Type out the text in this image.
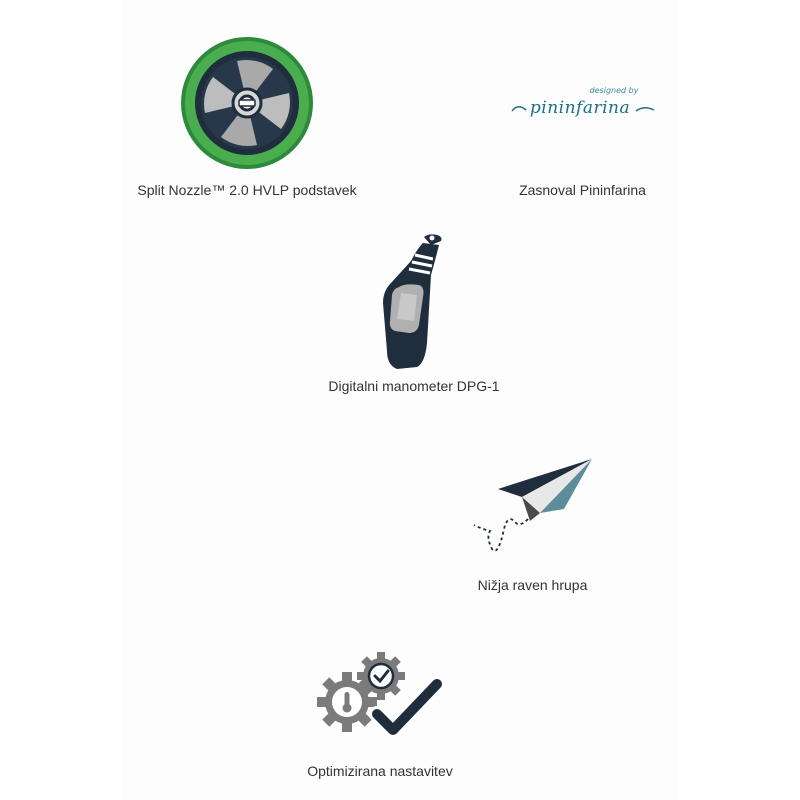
Split Nozzle™ 2.0 HVLP podstavek
designed by
pininfarina
Zasnoval Pininfarina
Digitalni manometer DPG-1
Nižja raven hrupa
Optimizirana nastavitev
